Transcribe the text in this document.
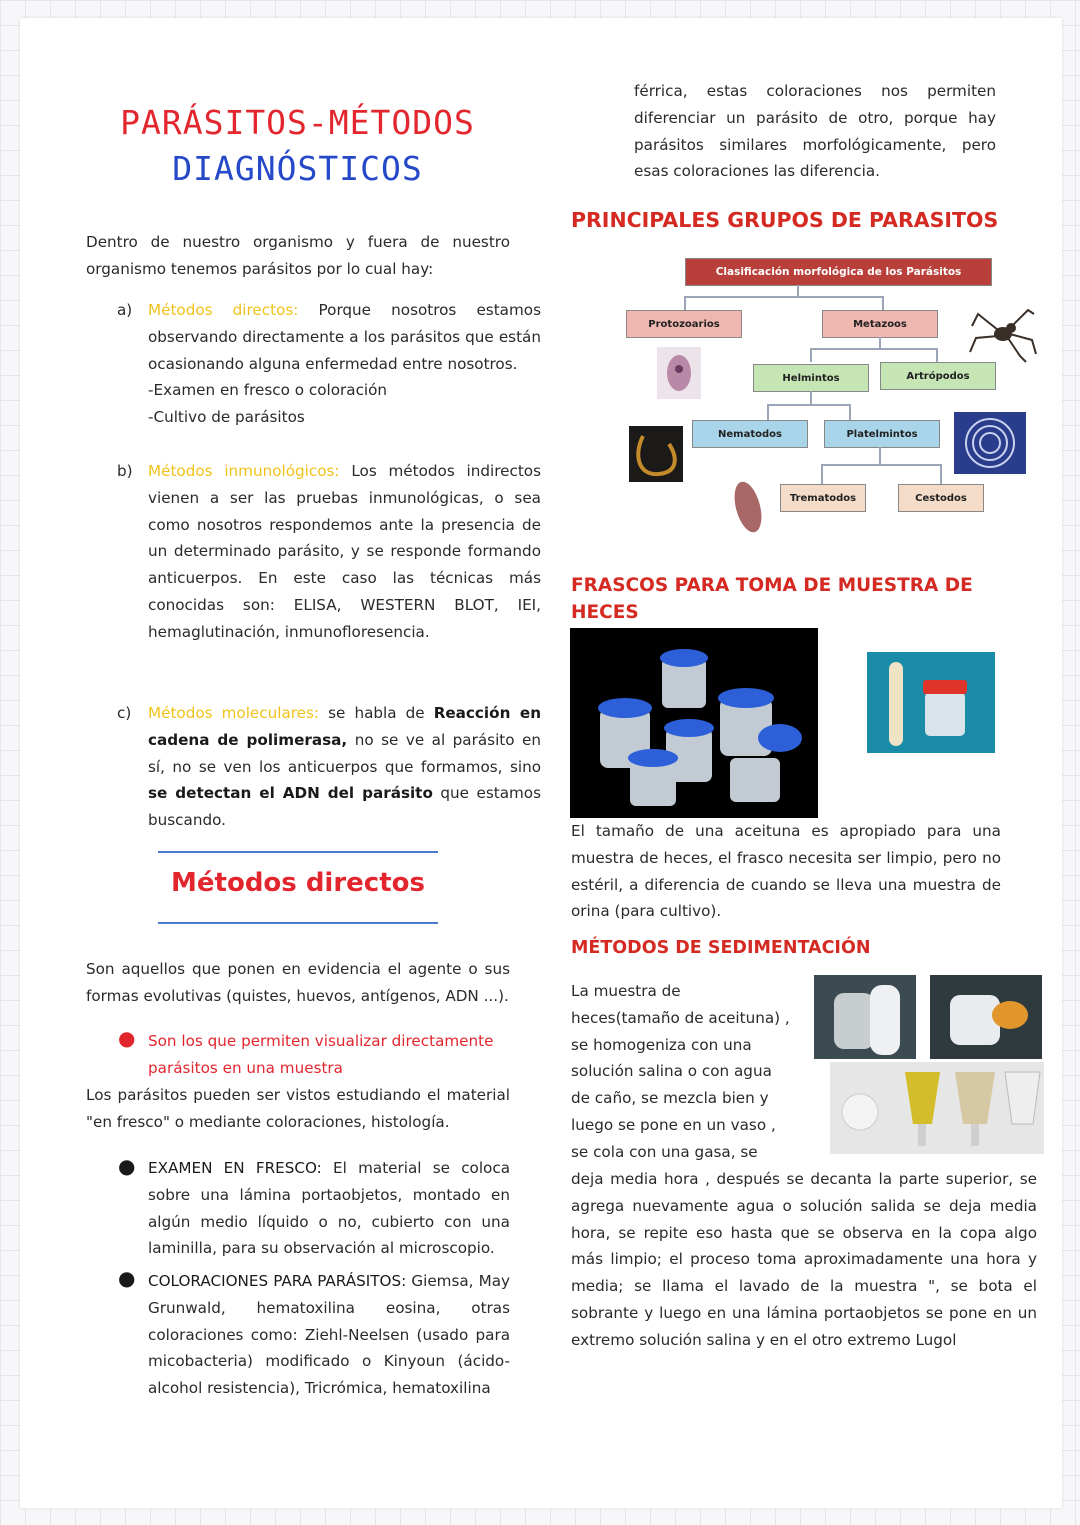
PARÁSITOS-MÉTODOS
DIAGNÓSTICOS
Dentro de nuestro organismo y fuera de nuestro organismo tenemos parásitos por lo cual hay:
a)	Métodos directos: Porque nosotros estamos observando directamente a los parásitos que están ocasionando alguna enfermedad entre nosotros.
-Examen en fresco o coloración
-Cultivo de parásitos
b)	Métodos inmunológicos: Los métodos indirectos vienen a ser las pruebas inmunológicas, o sea como nosotros respondemos ante la presencia de un determinado parásito, y se responde formando anticuerpos. En este caso las técnicas más conocidas son: ELISA, WESTERN BLOT, IEI, hemaglutinación, inmunofloresencia.
c)	Métodos moleculares: se habla de Reacción en cadena de polimerasa, no se ve al parásito en sí, no se ven los anticuerpos que formamos, sino se detectan el ADN del parásito que estamos buscando.
Métodos directos
Son aquellos que ponen en evidencia el agente o sus formas evolutivas (quistes, huevos, antígenos, ADN ...).
● Son los que permiten visualizar directamente parásitos en una muestra
Los parásitos pueden ser vistos estudiando el material "en fresco" o mediante coloraciones, histología.
● EXAMEN EN FRESCO: El material se coloca sobre una lámina portaobjetos, montado en algún medio líquido o no, cubierto con una laminilla, para su observación al microscopio.
● COLORACIONES PARA PARÁSITOS: Giemsa, May Grunwald, hematoxilina eosina, otras coloraciones como: Ziehl-Neelsen (usado para micobacteria) modificado o Kinyoun (ácido-alcohol resistencia), Tricrómica, hematoxilina
férrica, estas coloraciones nos permiten diferenciar un parásito de otro, porque hay parásitos similares morfológicamente, pero esas coloraciones las diferencia.
PRINCIPALES GRUPOS DE PARASITOS
Clasificación morfológica de los Parásitos
Protozoarios	Metazoos
Helmintos	Artrópodos
Nematodos	Platelmintos
Trematodos	Cestodos
FRASCOS PARA TOMA DE MUESTRA DE HECES
El tamaño de una aceituna es apropiado para una muestra de heces, el frasco necesita ser limpio, pero no estéril, a diferencia de cuando se lleva una muestra de orina (para cultivo).
MÉTODOS DE SEDIMENTACIÓN
La muestra de
heces(tamaño de aceituna) ,
se homogeniza con una
solución salina o con agua
de caño, se mezcla bien y
luego se pone en un vaso ,
se cola con una gasa, se
deja media hora , después se decanta la parte superior, se agrega nuevamente agua o solución salida se deja media hora, se repite eso hasta que se observa en la copa algo más limpio; el proceso toma aproximadamente una hora y media; se llama el lavado de la muestra ", se bota el sobrante y luego en una lámina portaobjetos se pone en un extremo solución salina y en el otro extremo Lugol
